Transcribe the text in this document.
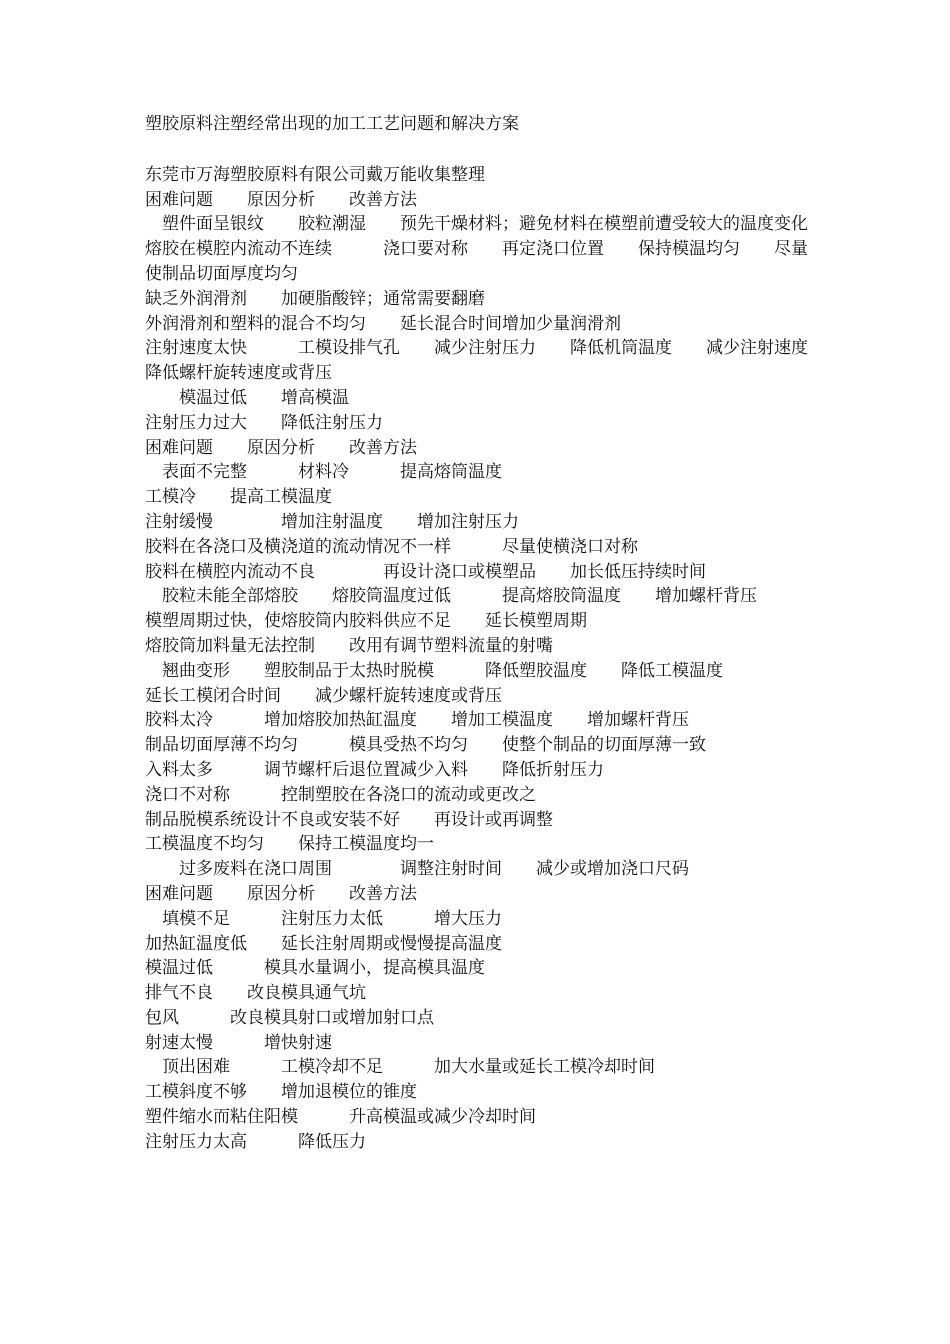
塑胶原料注塑经常出现的加工工艺问题和解决方案

东莞市万海塑胶原料有限公司戴万能收集整理

困难问题　　原因分析　　改善方法

　塑件面呈银纹　　胶粒潮湿　　预先干燥材料；避免材料在模塑前遭受较大的温度变化

熔胶在模腔内流动不连续　　　浇口要对称　　再定浇口位置　　保持模温均匀　　尽量使制品切面厚度均匀

缺乏外润滑剂　　加硬脂酸锌；通常需要翻磨

外润滑剂和塑料的混合不均匀　　延长混合时间增加少量润滑剂

注射速度太快　　　工模设排气孔　　减少注射压力　　降低机筒温度　　减少注射速度　　降低螺杆旋转速度或背压

　　模温过低　　增高模温

注射压力过大　　降低注射压力

困难问题　　原因分析　　改善方法

　表面不完整　　　材料冷　　　提高熔筒温度

工模冷　　提高工模温度

注射缓慢　　　　增加注射温度　　增加注射压力

胶料在各浇口及横浇道的流动情况不一样　　　尽量使横浇口对称

胶料在横腔内流动不良　　　　再设计浇口或模塑品　　加长低压持续时间

　胶粒未能全部熔胶　　熔胶筒温度过低　　　提高熔胶筒温度　　增加螺杆背压

模塑周期过快，使熔胶筒内胶料供应不足　　延长模塑周期

熔胶筒加料量无法控制　　改用有调节塑料流量的射嘴

　翘曲变形　　塑胶制品于太热时脱模　　　降低塑胶温度　　降低工模温度

延长工模闭合时间　　减少螺杆旋转速度或背压

胶料太冷　　　增加熔胶加热缸温度　　增加工模温度　　增加螺杆背压

制品切面厚薄不均匀　　　模具受热不均匀　　使整个制品的切面厚薄一致

入料太多　　　调节螺杆后退位置减少入料　　降低折射压力

浇口不对称　　　控制塑胶在各浇口的流动或更改之

制品脱模系统设计不良或安装不好　　再设计或再调整

工模温度不均匀　　保持工模温度均一

　　过多废料在浇口周围　　　　调整注射时间　　减少或增加浇口尺码

困难问题　　原因分析　　改善方法

　填模不足　　　注射压力太低　　　增大压力

加热缸温度低　　延长注射周期或慢慢提高温度

模温过低　　　模具水量调小，提高模具温度

排气不良　　改良模具通气坑

包风　　　改良模具射口或增加射口点

射速太慢　　　增快射速

　顶出困难　　　工模冷却不足　　　加大水量或延长工模冷却时间

工模斜度不够　　增加退模位的锥度

塑件缩水而粘住阳模　　　升高模温或减少冷却时间

注射压力太高　　　降低压力
